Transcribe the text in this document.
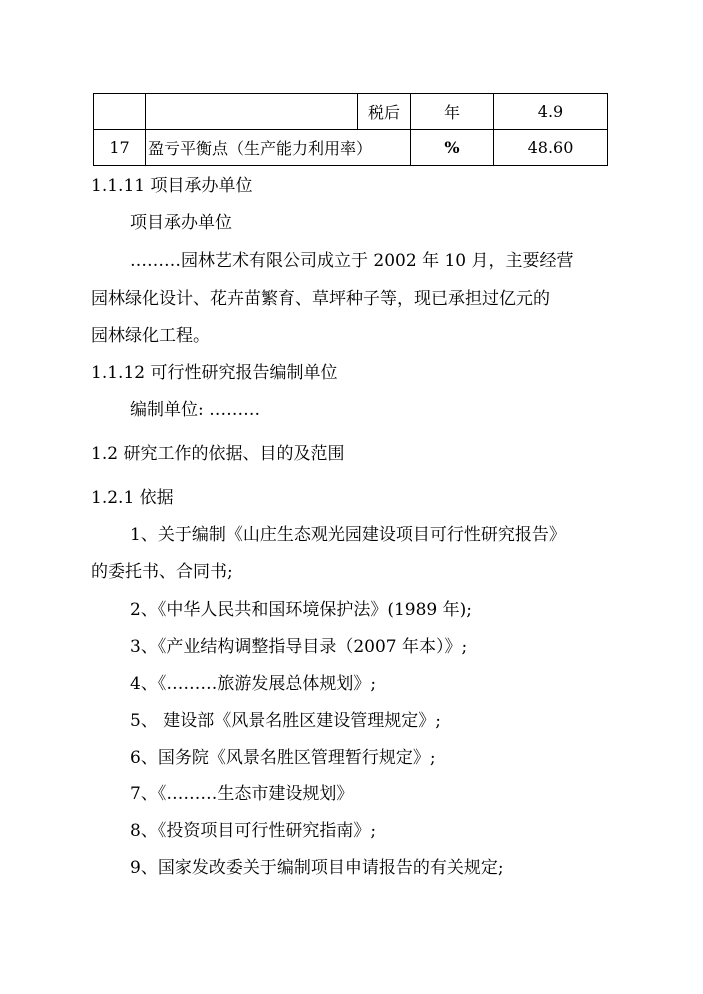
		税后	年	4.9
17	盈亏平衡点（生产能力利用率）		%	48.60
1.1.11 项目承办单位
项目承办单位
………园林艺术有限公司成立于 2002 年 10 月，主要经营
园林绿化设计、花卉苗繁育、草坪种子等，现已承担过亿元的
园林绿化工程。
1.1.12 可行性研究报告编制单位
编制单位: ………
1.2 研究工作的依据、目的及范围
1.2.1 依据
1、关于编制《山庄生态观光园建设项目可行性研究报告》
的委托书、合同书;
2、《中华人民共和国环境保护法》(1989 年);
3、《产业结构调整指导目录（2007 年本）》;
4、《………旅游发展总体规划》;
5、 建设部《风景名胜区建设管理规定》;
6、国务院《风景名胜区管理暂行规定》;
7、《………生态市建设规划》
8、《投资项目可行性研究指南》;
9、国家发改委关于编制项目申请报告的有关规定;
